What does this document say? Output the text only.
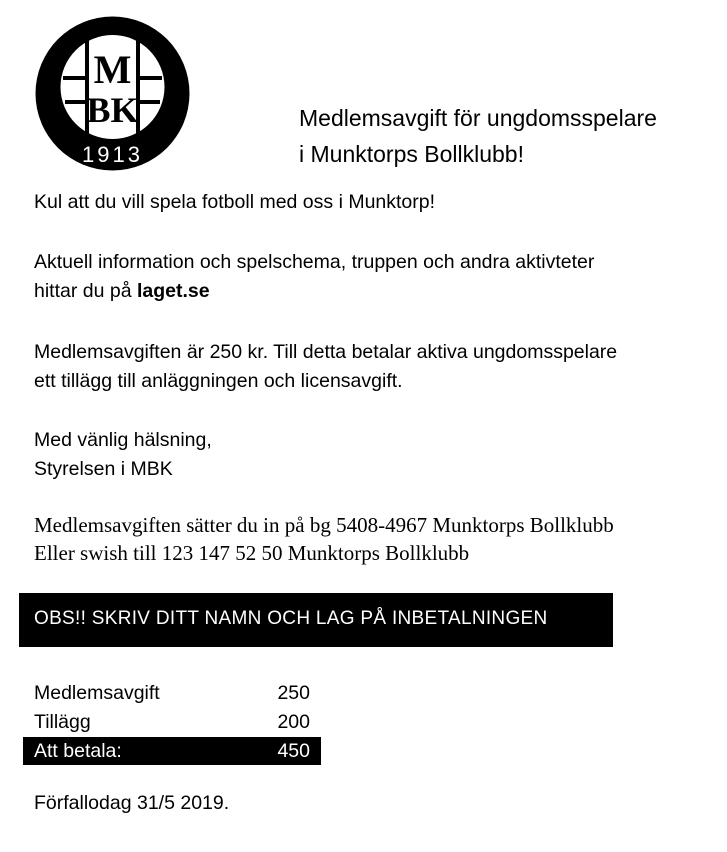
M
BK
1913
Medlemsavgift för ungdomsspelare
i Munktorps Bollklubb!
Kul att du vill spela fotboll med oss i Munktorp!
Aktuell information och spelschema, truppen och andra aktivteter
hittar du på laget.se
Medlemsavgiften är 250 kr. Till detta betalar aktiva ungdomsspelare
ett tillägg till anläggningen och licensavgift.
Med vänlig hälsning,
Styrelsen i MBK
Medlemsavgiften sätter du in på bg 5408-4967 Munktorps Bollklubb
Eller swish till 123 147 52 50 Munktorps Bollklubb
OBS!! SKRIV DITT NAMN OCH LAG PÅ INBETALNINGEN
Medlemsavgift	250
Tillägg	200
Att betala:	450
Förfallodag 31/5 2019.
